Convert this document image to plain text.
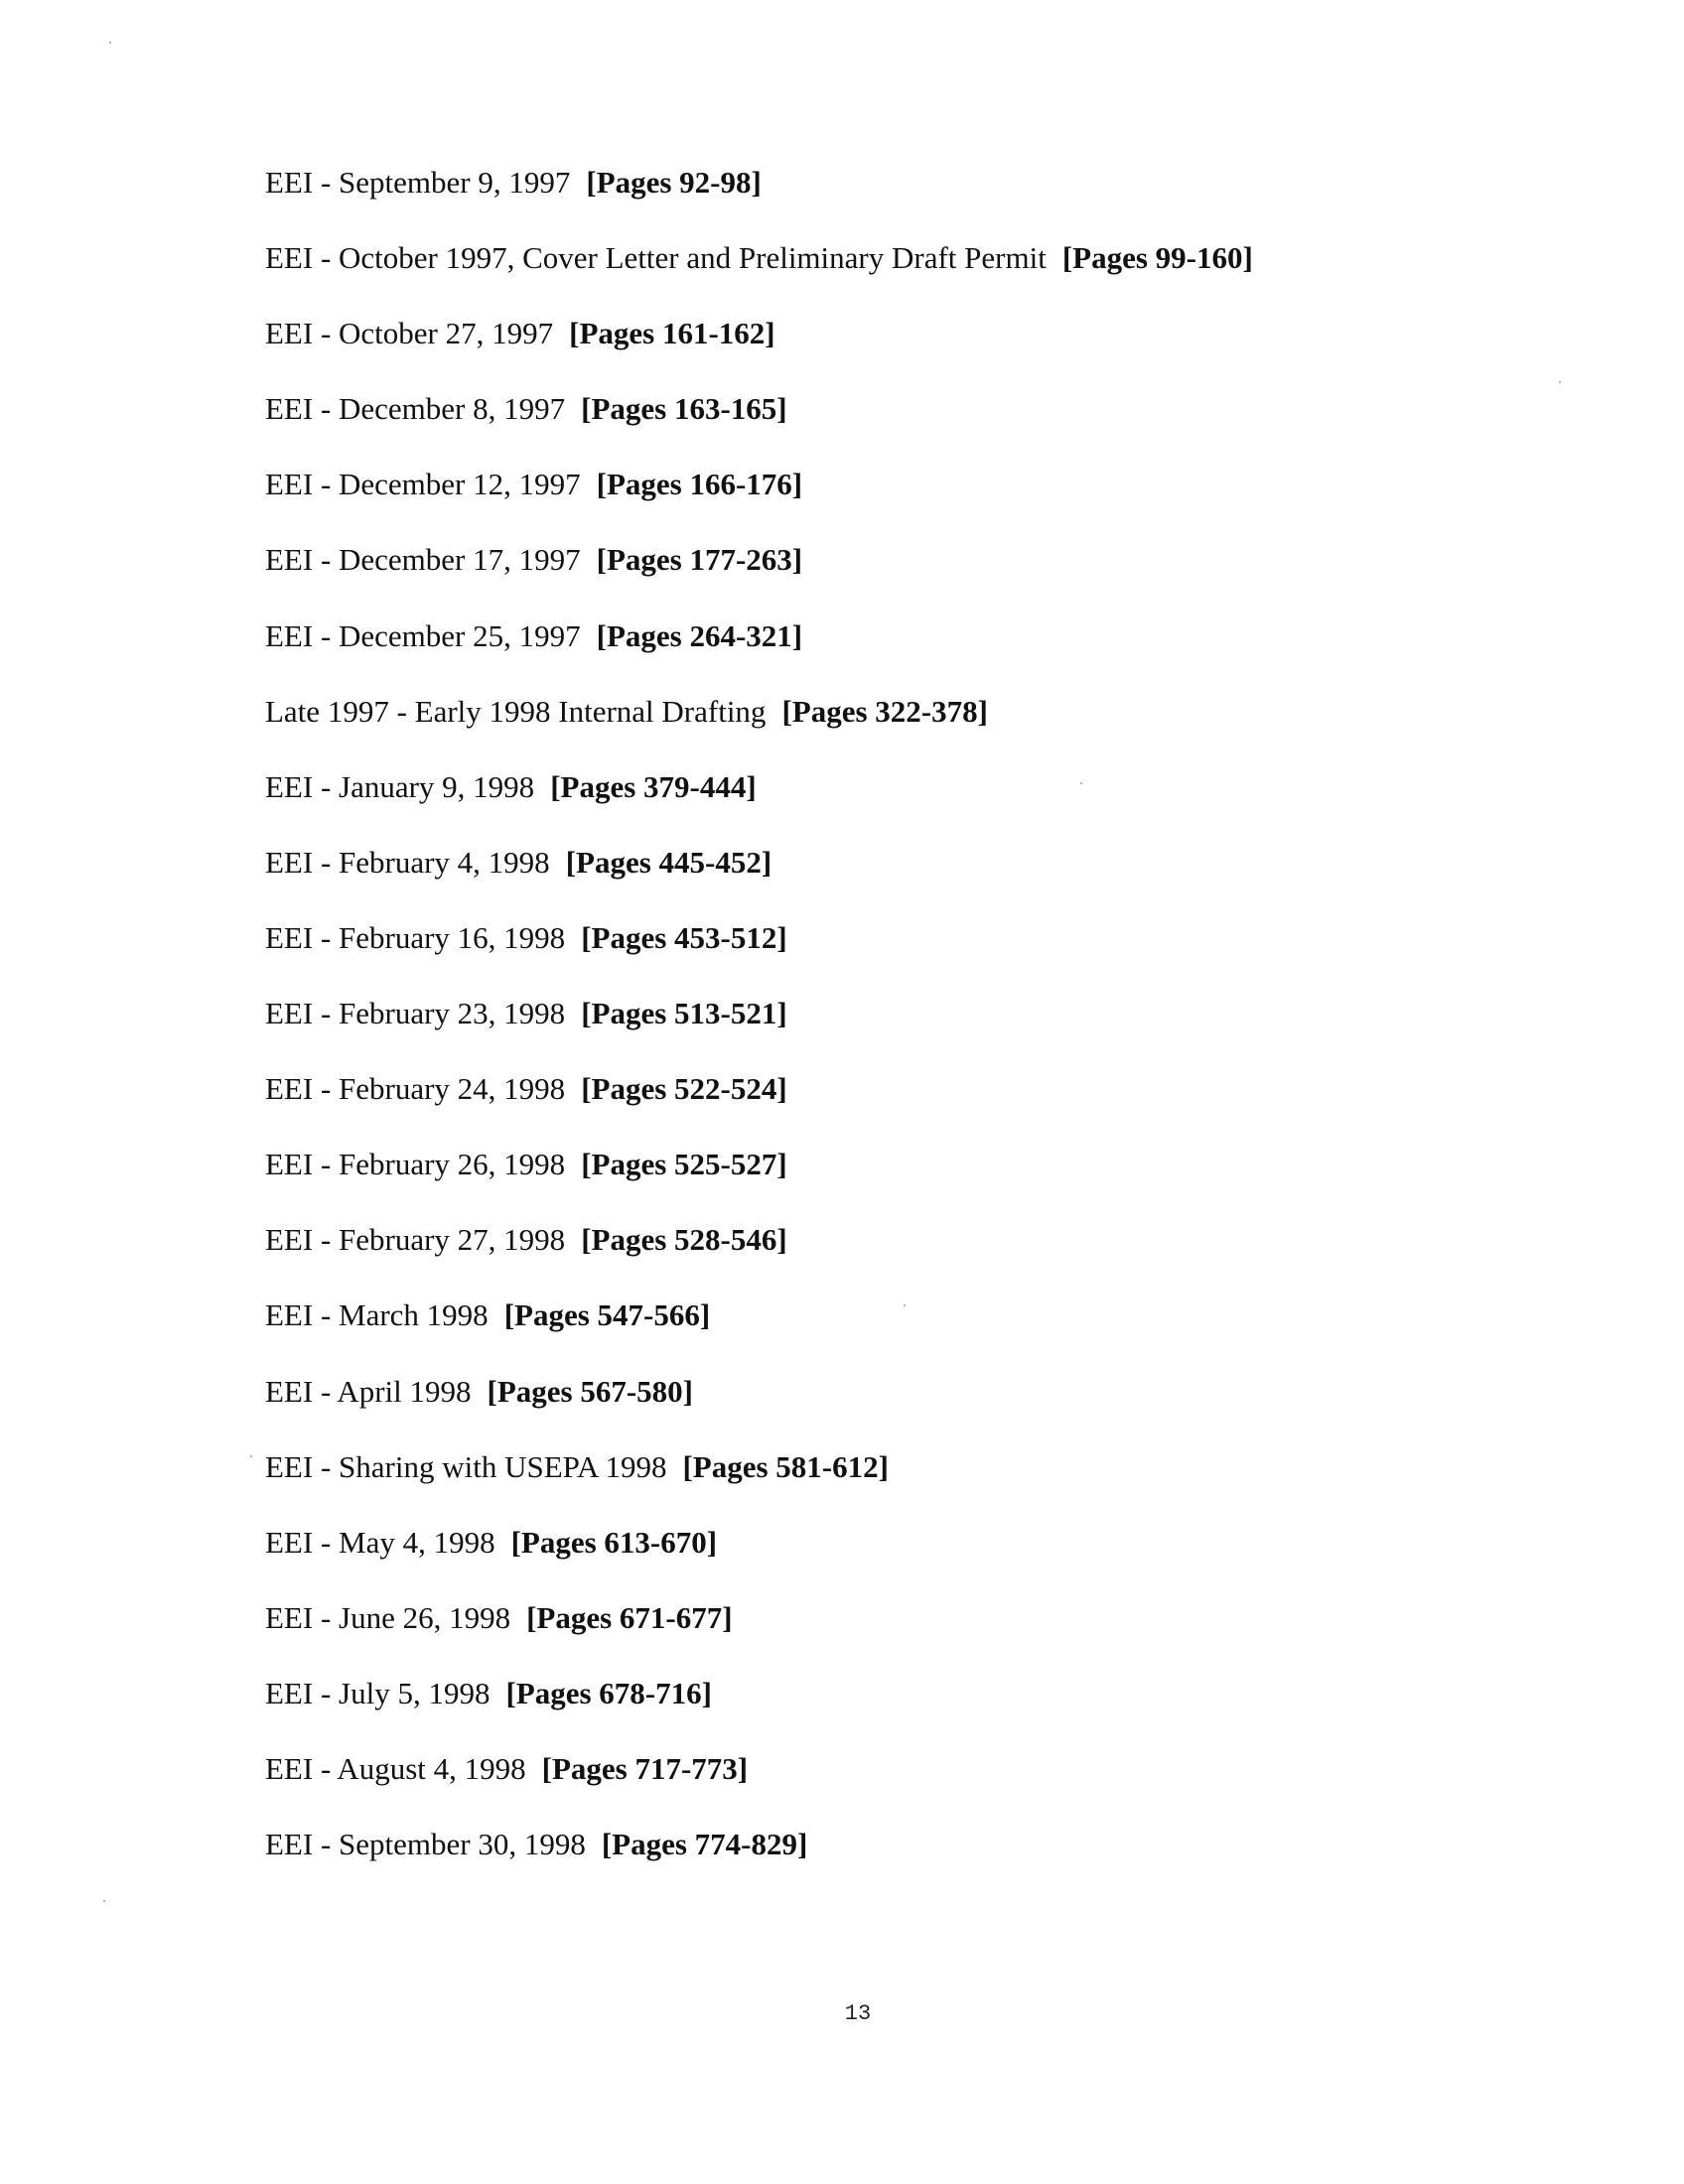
EEI - September 9, 1997 [Pages 92-98]
EEI - October 1997, Cover Letter and Preliminary Draft Permit [Pages 99-160]
EEI - October 27, 1997 [Pages 161-162]
EEI - December 8, 1997 [Pages 163-165]
EEI - December 12, 1997 [Pages 166-176]
EEI - December 17, 1997 [Pages 177-263]
EEI - December 25, 1997 [Pages 264-321]
Late 1997 - Early 1998 Internal Drafting [Pages 322-378]
EEI - January 9, 1998 [Pages 379-444]
EEI - February 4, 1998 [Pages 445-452]
EEI - February 16, 1998 [Pages 453-512]
EEI - February 23, 1998 [Pages 513-521]
EEI - February 24, 1998 [Pages 522-524]
EEI - February 26, 1998 [Pages 525-527]
EEI - February 27, 1998 [Pages 528-546]
EEI - March 1998 [Pages 547-566]
EEI - April 1998 [Pages 567-580]
EEI - Sharing with USEPA 1998 [Pages 581-612]
EEI - May 4, 1998 [Pages 613-670]
EEI - June 26, 1998 [Pages 671-677]
EEI - July 5, 1998 [Pages 678-716]
EEI - August 4, 1998 [Pages 717-773]
EEI - September 30, 1998 [Pages 774-829]
13
